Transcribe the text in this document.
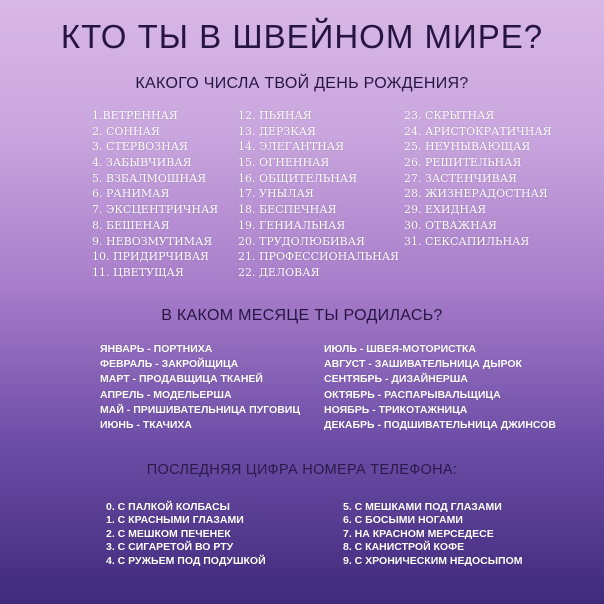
КТО ТЫ В ШВЕЙНОМ МИРЕ?
КАКОГО ЧИСЛА ТВОЙ ДЕНЬ РОЖДЕНИЯ?
1.ВЕТРЕННАЯ
2. СОННАЯ
3. СТЕРВОЗНАЯ
4. ЗАБЫВЧИВАЯ
5. ВЗБАЛМОШНАЯ
6. РАНИМАЯ
7. ЭКСЦЕНТРИЧНАЯ
8. БЕШЕНАЯ
9. НЕВОЗМУТИМАЯ
10. ПРИДИРЧИВАЯ
11. ЦВЕТУЩАЯ
12. ПЬЯНАЯ
13. ДЕРЗКАЯ
14. ЭЛЕГАНТНАЯ
15. ОГНЕННАЯ
16. ОБЩИТЕЛЬНАЯ
17. УНЫЛАЯ
18. БЕСПЕЧНАЯ
19. ГЕНИАЛЬНАЯ
20. ТРУДОЛЮБИВАЯ
21. ПРОФЕССИОНАЛЬНАЯ
22. ДЕЛОВАЯ
23. СКРЫТНАЯ
24. АРИСТОКРАТИЧНАЯ
25. НЕУНЫВАЮЩАЯ
26. РЕШИТЕЛЬНАЯ
27. ЗАСТЕНЧИВАЯ
28. ЖИЗНЕРАДОСТНАЯ
29. ЕХИДНАЯ
30. ОТВАЖНАЯ
31. СЕКСАПИЛЬНАЯ
В КАКОМ МЕСЯЦЕ ТЫ РОДИЛАСЬ?
ЯНВАРЬ - ПОРТНИХА
ФЕВРАЛЬ - ЗАКРОЙЩИЦА
МАРТ - ПРОДАВЩИЦА ТКАНЕЙ
АПРЕЛЬ - МОДЕЛЬЕРША
МАЙ - ПРИШИВАТЕЛЬНИЦА ПУГОВИЦ
ИЮНЬ - ТКАЧИХА
ИЮЛЬ - ШВЕЯ-МОТОРИСТКА
АВГУСТ - ЗАШИВАТЕЛЬНИЦА ДЫРОК
СЕНТЯБРЬ - ДИЗАЙНЕРША
ОКТЯБРЬ - РАСПАРЫВАЛЬЩИЦА
НОЯБРЬ - ТРИКОТАЖНИЦА
ДЕКАБРЬ - ПОДШИВАТЕЛЬНИЦА ДЖИНСОВ
ПОСЛЕДНЯЯ ЦИФРА НОМЕРА ТЕЛЕФОНА:
0. С ПАЛКОЙ КОЛБАСЫ
1. С КРАСНЫМИ ГЛАЗАМИ
2. С МЕШКОМ ПЕЧЕНЕК
3. С СИГАРЕТОЙ ВО РТУ
4. С РУЖЬЕМ ПОД ПОДУШКОЙ
5. С МЕШКАМИ ПОД ГЛАЗАМИ
6. С БОСЫМИ НОГАМИ
7. НА КРАСНОМ МЕРСЕДЕСЕ
8. С КАНИСТРОЙ КОФЕ
9. С ХРОНИЧЕСКИМ НЕДОСЫПОМ
